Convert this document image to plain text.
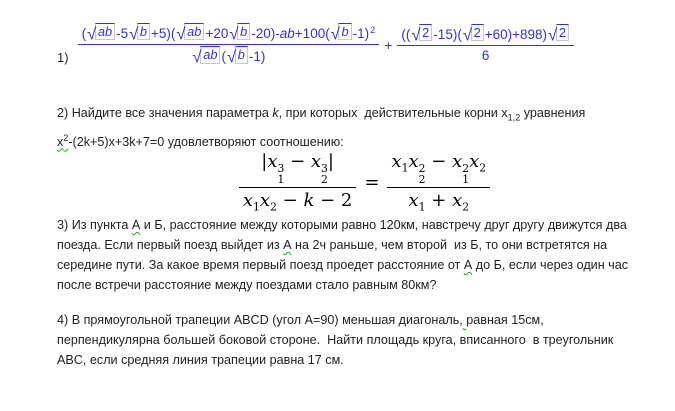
$1) \frac{( √ ab -5 √ b +5)( √ ab +20 √ b -20)-ab+100( √ b -1)^2}{√ ab ( √ b -1)} + \frac{(( √ 2 -15)( √ 2 +60)+898) √ 2}{6}$
2) Найдите все значения параметра k, при которых  действительные корни $x_{1,2}$ уравнения
$x^2-(2k+5)x+3k+7=0$ удовлетворяют соотношению:
|x 3
1
− x 3
2
|
$x_1x_2 - k - 2 = x_1x$ 2
2
− x 2
1
$x_2$
$x_1 + x_2$
3) Из пункта А и Б, расстояние между которыми равно 120км, навстречу друг другу движутся два
поезда. Если первый поезд выйдет из А на 2ч раньше, чем второй  из Б, то они встретятся на
середине пути. За какое время первый поезд проедет расстояние от А до Б, если через один час
после встречи расстояние между поездами стало равным 80км?
4) В прямоугольной трапеции ABCD (угол A=90) меньшая диагональ, равная 15см,
перпендикулярна большей боковой стороне.  Найти площадь круга, вписанного  в треугольник
ABC, если средняя линия трапеции равна 17 см.
